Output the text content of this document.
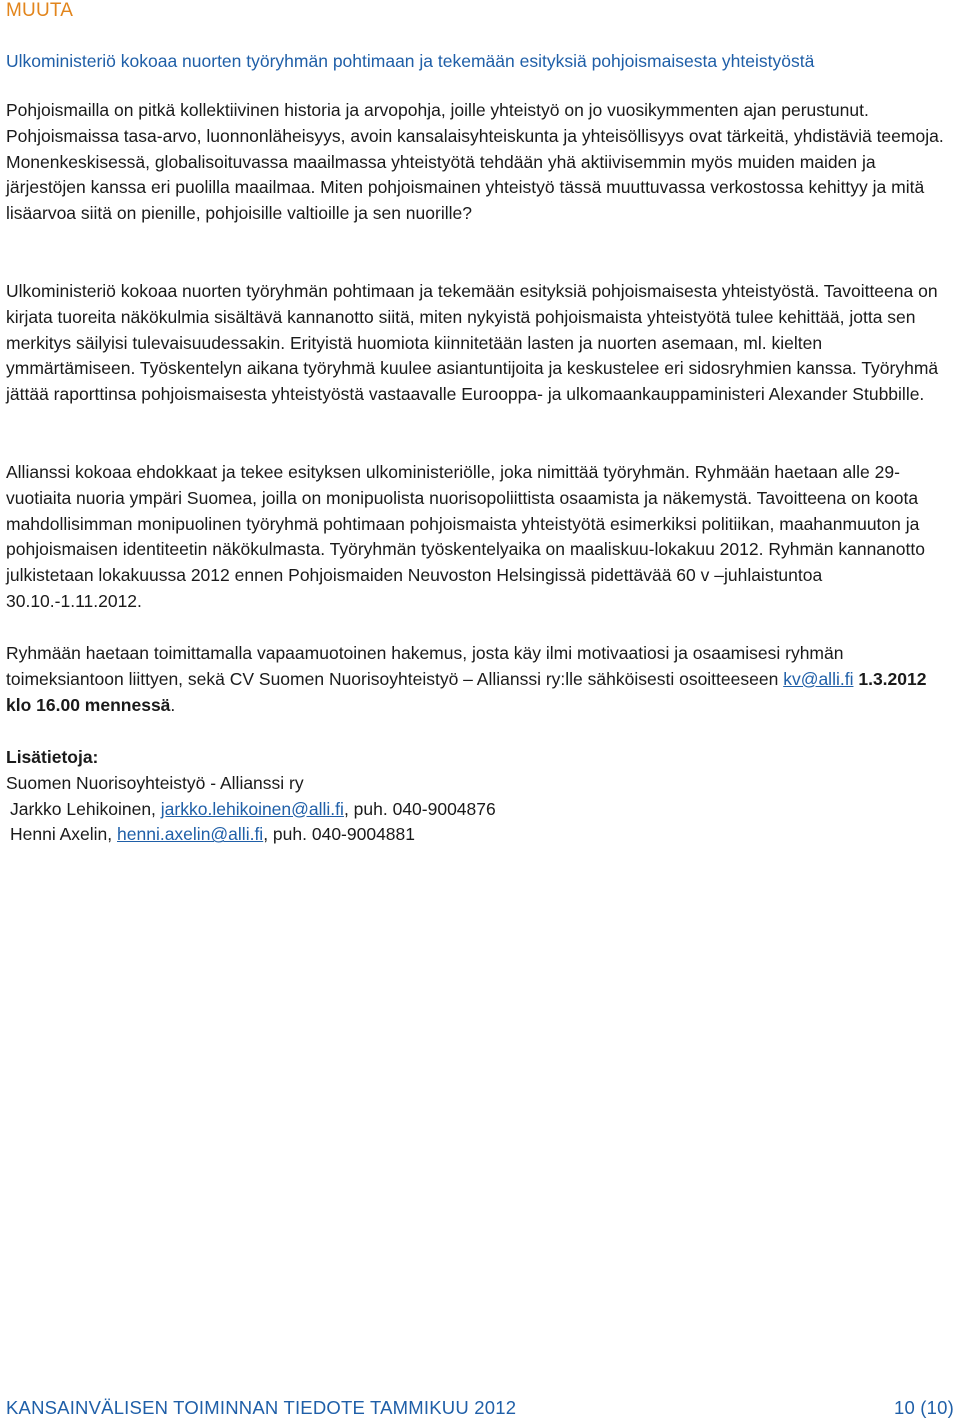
MUUTA
Ulkoministeriö kokoaa nuorten työryhmän pohtimaan ja tekemään esityksiä pohjoismaisesta yhteistyöstä

Pohjoismailla on pitkä kollektiivinen historia ja arvopohja, joille yhteistyö on jo vuosikymmenten ajan perustunut. Pohjoismaissa tasa-arvo, luonnonläheisyys, avoin kansalaisyhteiskunta ja yhteisöllisyys ovat tärkeitä, yhdistäviä teemoja. Monenkeskisessä, globalisoituvassa maailmassa yhteistyötä tehdään yhä aktiivisemmin myös muiden maiden ja järjestöjen kanssa eri puolilla maailmaa. Miten pohjoismainen yhteistyö tässä muuttuvassa verkostossa kehittyy ja mitä lisäarvoa siitä on pienille, pohjoisille valtioille ja sen nuorille?

Ulkoministeriö kokoaa nuorten työryhmän pohtimaan ja tekemään esityksiä pohjoismaisesta yhteistyöstä. Tavoitteena on kirjata tuoreita näkökulmia sisältävä kannanotto siitä, miten nykyistä pohjoismaista yhteistyötä tulee kehittää, jotta sen merkitys säilyisi tulevaisuudessakin. Erityistä huomiota kiinnitetään lasten ja nuorten asemaan, ml. kielten ymmärtämiseen. Työskentelyn aikana työryhmä kuulee asiantuntijoita ja keskustelee eri sidosryhmien kanssa. Työryhmä jättää raporttinsa pohjoismaisesta yhteistyöstä vastaavalle Eurooppa- ja ulkomaankauppaministeri Alexander Stubbille.

Allianssi kokoaa ehdokkaat ja tekee esityksen ulkoministeriölle, joka nimittää työryhmän. Ryhmään haetaan alle 29-vuotiaita nuoria ympäri Suomea, joilla on monipuolista nuorisopoliittista osaamista ja näkemystä. Tavoitteena on koota mahdollisimman monipuolinen työryhmä pohtimaan pohjoismaista yhteistyötä esimerkiksi politiikan, maahanmuuton ja pohjoismaisen identiteetin näkökulmasta. Työryhmän työskentelyaika on maaliskuu-lokakuu 2012. Ryhmän kannanotto julkistetaan lokakuussa 2012 ennen Pohjoismaiden Neuvoston Helsingissä pidettävää 60 v –juhlaistuntoa 30.10.-1.11.2012.

Ryhmään haetaan toimittamalla vapaamuotoinen hakemus, josta käy ilmi motivaatiosi ja osaamisesi ryhmän toimeksiantoon liittyen, sekä CV Suomen Nuorisoyhteistyö – Allianssi ry:lle sähköisesti osoitteeseen kv@alli.fi 1.3.2012 klo 16.00 mennessä.

Lisätietoja:
Suomen Nuorisoyhteistyö - Allianssi ry
Jarkko Lehikoinen, jarkko.lehikoinen@alli.fi, puh. 040-9004876
Henni Axelin, henni.axelin@alli.fi, puh. 040-9004881
KANSAINVÄLISEN TOIMINNAN TIEDOTE TAMMIKUU 2012	10 (10)
